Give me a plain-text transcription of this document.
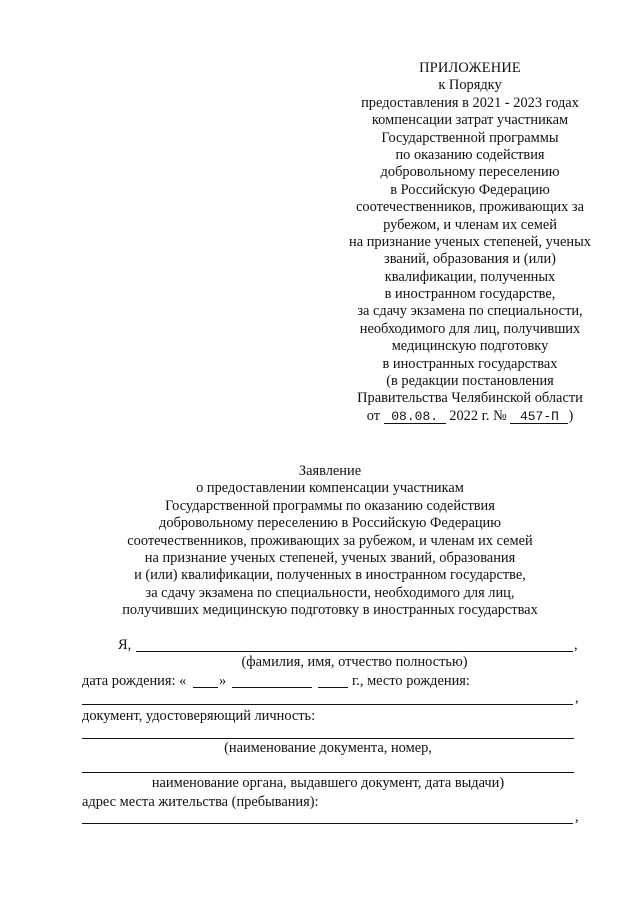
ПРИЛОЖЕНИЕ
к Порядку
предоставления в 2021 - 2023 годах
компенсации затрат участникам
Государственной программы
по оказанию содействия
добровольному переселению
в Российскую Федерацию
соотечественников, проживающих за
рубежом, и членам их семей
на признание ученых степеней, ученых
званий, образования и (или)
квалификации, полученных
в иностранном государстве,
за сдачу экзамена по специальности,
необходимого для лиц, получивших
медицинскую подготовку
в иностранных государствах
(в редакции постановления
Правительства Челябинской области
от 08.08. 2022 г. № 457-П )
Заявление
о предоставлении компенсации участникам
Государственной программы по оказанию содействия
добровольному переселению в Российскую Федерацию
соотечественников, проживающих за рубежом, и членам их семей
на признание ученых степеней, ученых званий, образования
и (или) квалификации, полученных в иностранном государстве,
за сдачу экзамена по специальности, необходимого для лиц,
получивших медицинскую подготовку в иностранных государствах
Я,	,
(фамилия, имя, отчество полностью)
дата рождения: « »	г., место рождения:
,
документ, удостоверяющий личность:
(наименование документа, номер,
наименование органа, выдавшего документ, дата выдачи)
адрес места жительства (пребывания):
,
